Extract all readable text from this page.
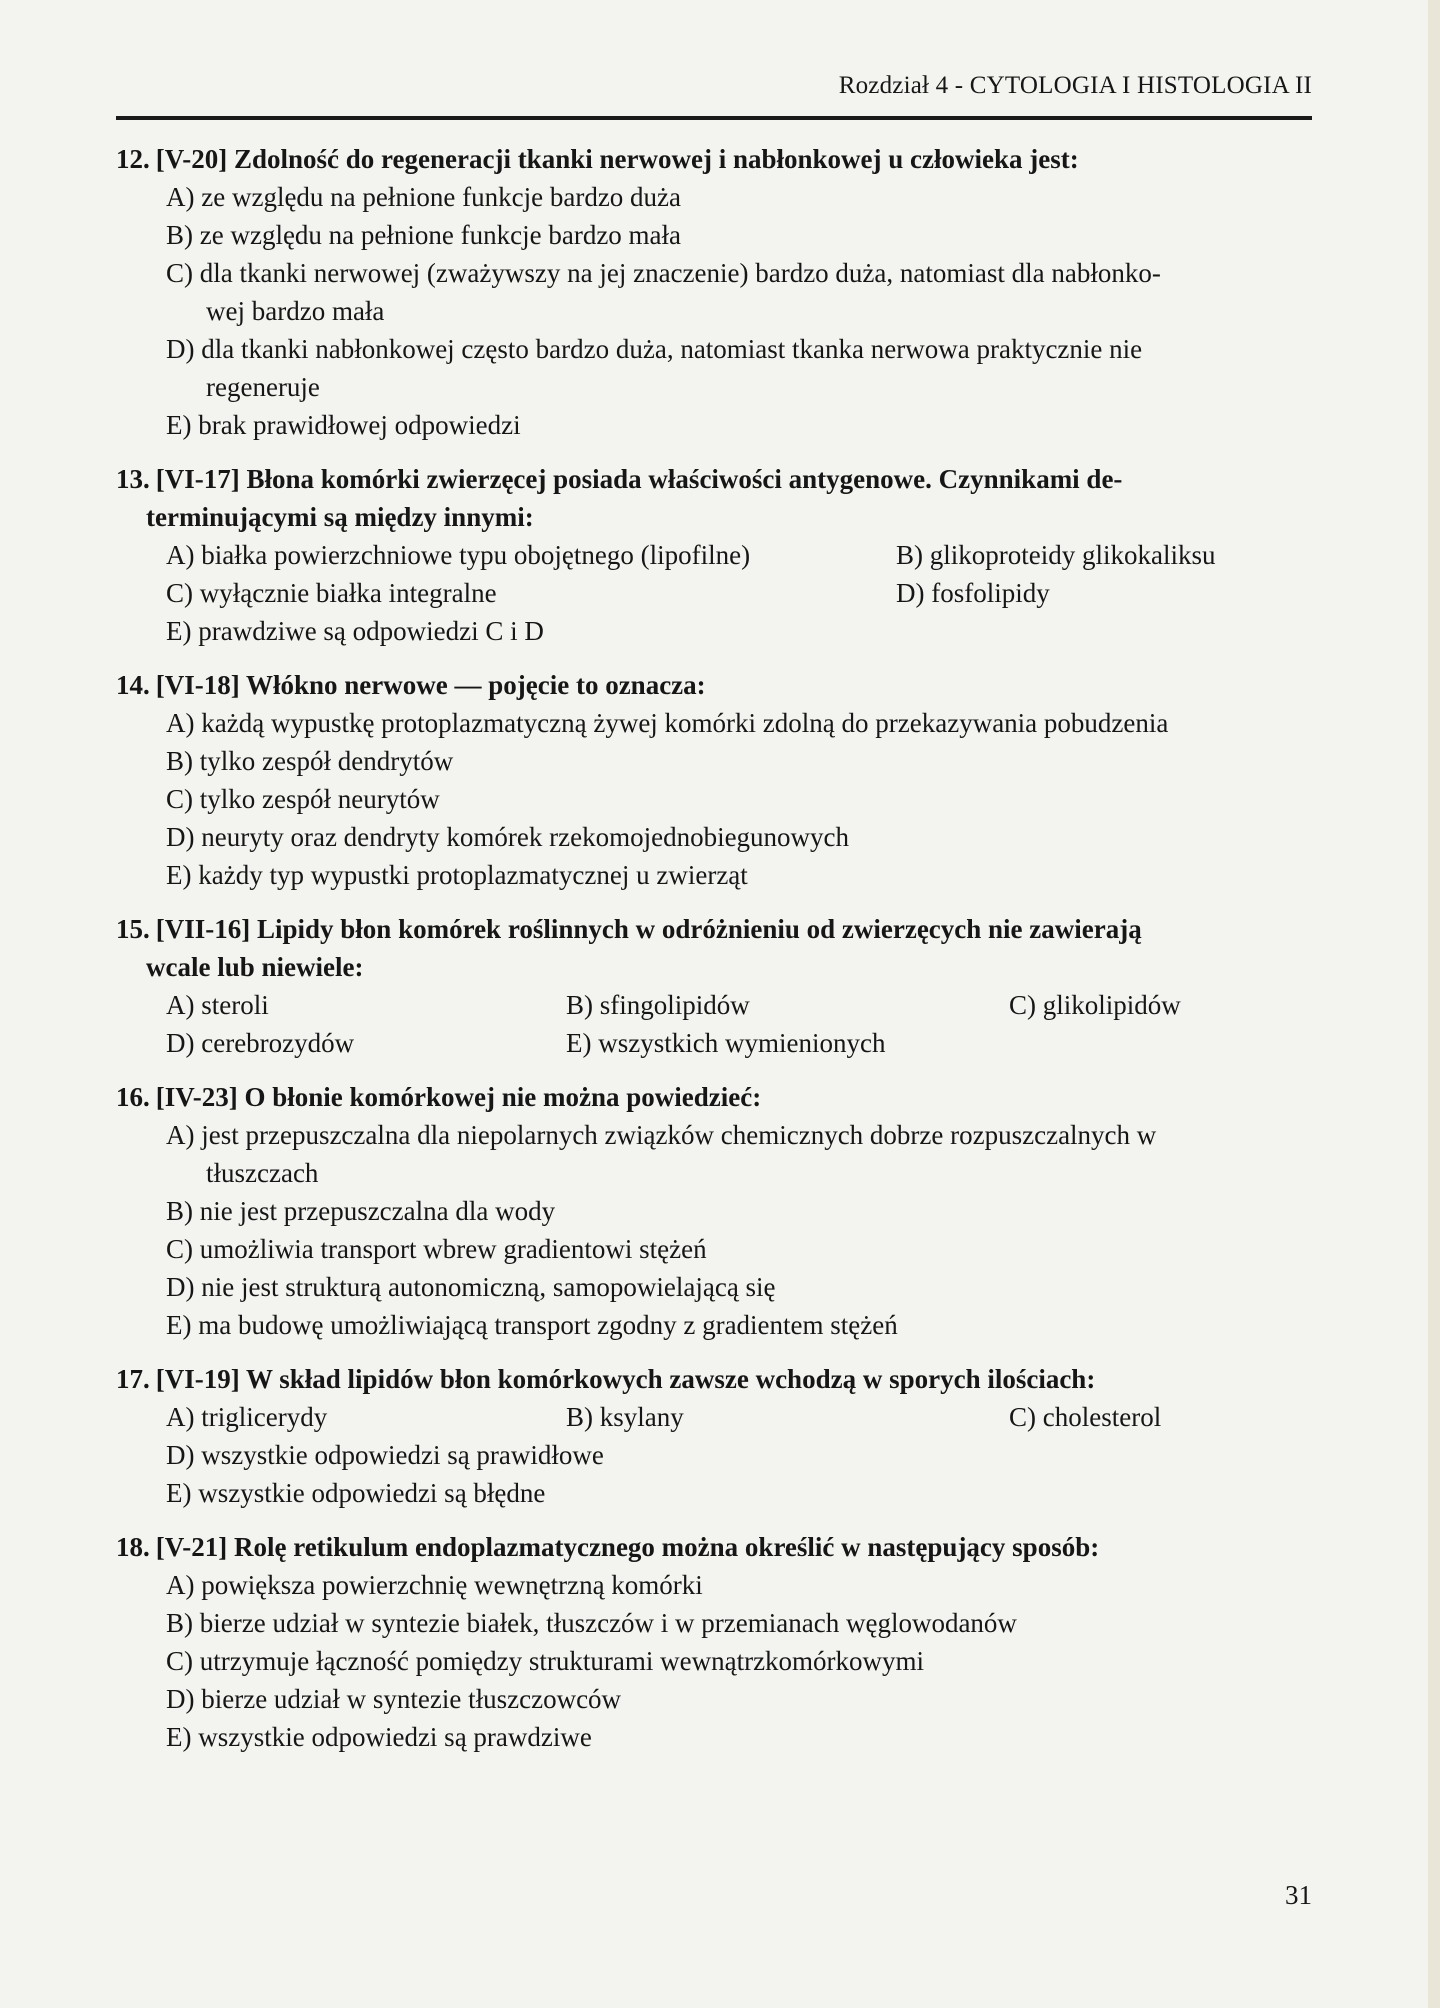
Rozdział 4 - CYTOLOGIA I HISTOLOGIA II
12. [V-20] Zdolność do regeneracji tkanki nerwowej i nabłonkowej u człowieka jest:
A) ze względu na pełnione funkcje bardzo duża
B) ze względu na pełnione funkcje bardzo mała
C) dla tkanki nerwowej (zważywszy na jej znaczenie) bardzo duża, natomiast dla nabłonko-
wej bardzo mała
D) dla tkanki nabłonkowej często bardzo duża, natomiast tkanka nerwowa praktycznie nie
regeneruje
E) brak prawidłowej odpowiedzi
13. [VI-17] Błona komórki zwierzęcej posiada właściwości antygenowe. Czynnikami de-
terminującymi są między innymi:
A) białka powierzchniowe typu obojętnego (lipofilne)	B) glikoproteidy glikokaliksu
C) wyłącznie białka integralne	D) fosfolipidy
E) prawdziwe są odpowiedzi C i D
14. [VI-18] Włókno nerwowe — pojęcie to oznacza:
A) każdą wypustkę protoplazmatyczną żywej komórki zdolną do przekazywania pobudzenia
B) tylko zespół dendrytów
C) tylko zespół neurytów
D) neuryty oraz dendryty komórek rzekomojednobiegunowych
E) każdy typ wypustki protoplazmatycznej u zwierząt
15. [VII-16] Lipidy błon komórek roślinnych w odróżnieniu od zwierzęcych nie zawierają
wcale lub niewiele:
A) steroli	B) sfingolipidów	C) glikolipidów
D) cerebrozydów	E) wszystkich wymienionych
16. [IV-23] O błonie komórkowej nie można powiedzieć:
A) jest przepuszczalna dla niepolarnych związków chemicznych dobrze rozpuszczalnych w
tłuszczach
B) nie jest przepuszczalna dla wody
C) umożliwia transport wbrew gradientowi stężeń
D) nie jest strukturą autonomiczną, samopowielającą się
E) ma budowę umożliwiającą transport zgodny z gradientem stężeń
17. [VI-19] W skład lipidów błon komórkowych zawsze wchodzą w sporych ilościach:
A) triglicerydy	B) ksylany	C) cholesterol
D) wszystkie odpowiedzi są prawidłowe
E) wszystkie odpowiedzi są błędne
18. [V-21] Rolę retikulum endoplazmatycznego można określić w następujący sposób:
A) powiększa powierzchnię wewnętrzną komórki
B) bierze udział w syntezie białek, tłuszczów i w przemianach węglowodanów
C) utrzymuje łączność pomiędzy strukturami wewnątrzkomórkowymi
D) bierze udział w syntezie tłuszczowców
E) wszystkie odpowiedzi są prawdziwe
31
